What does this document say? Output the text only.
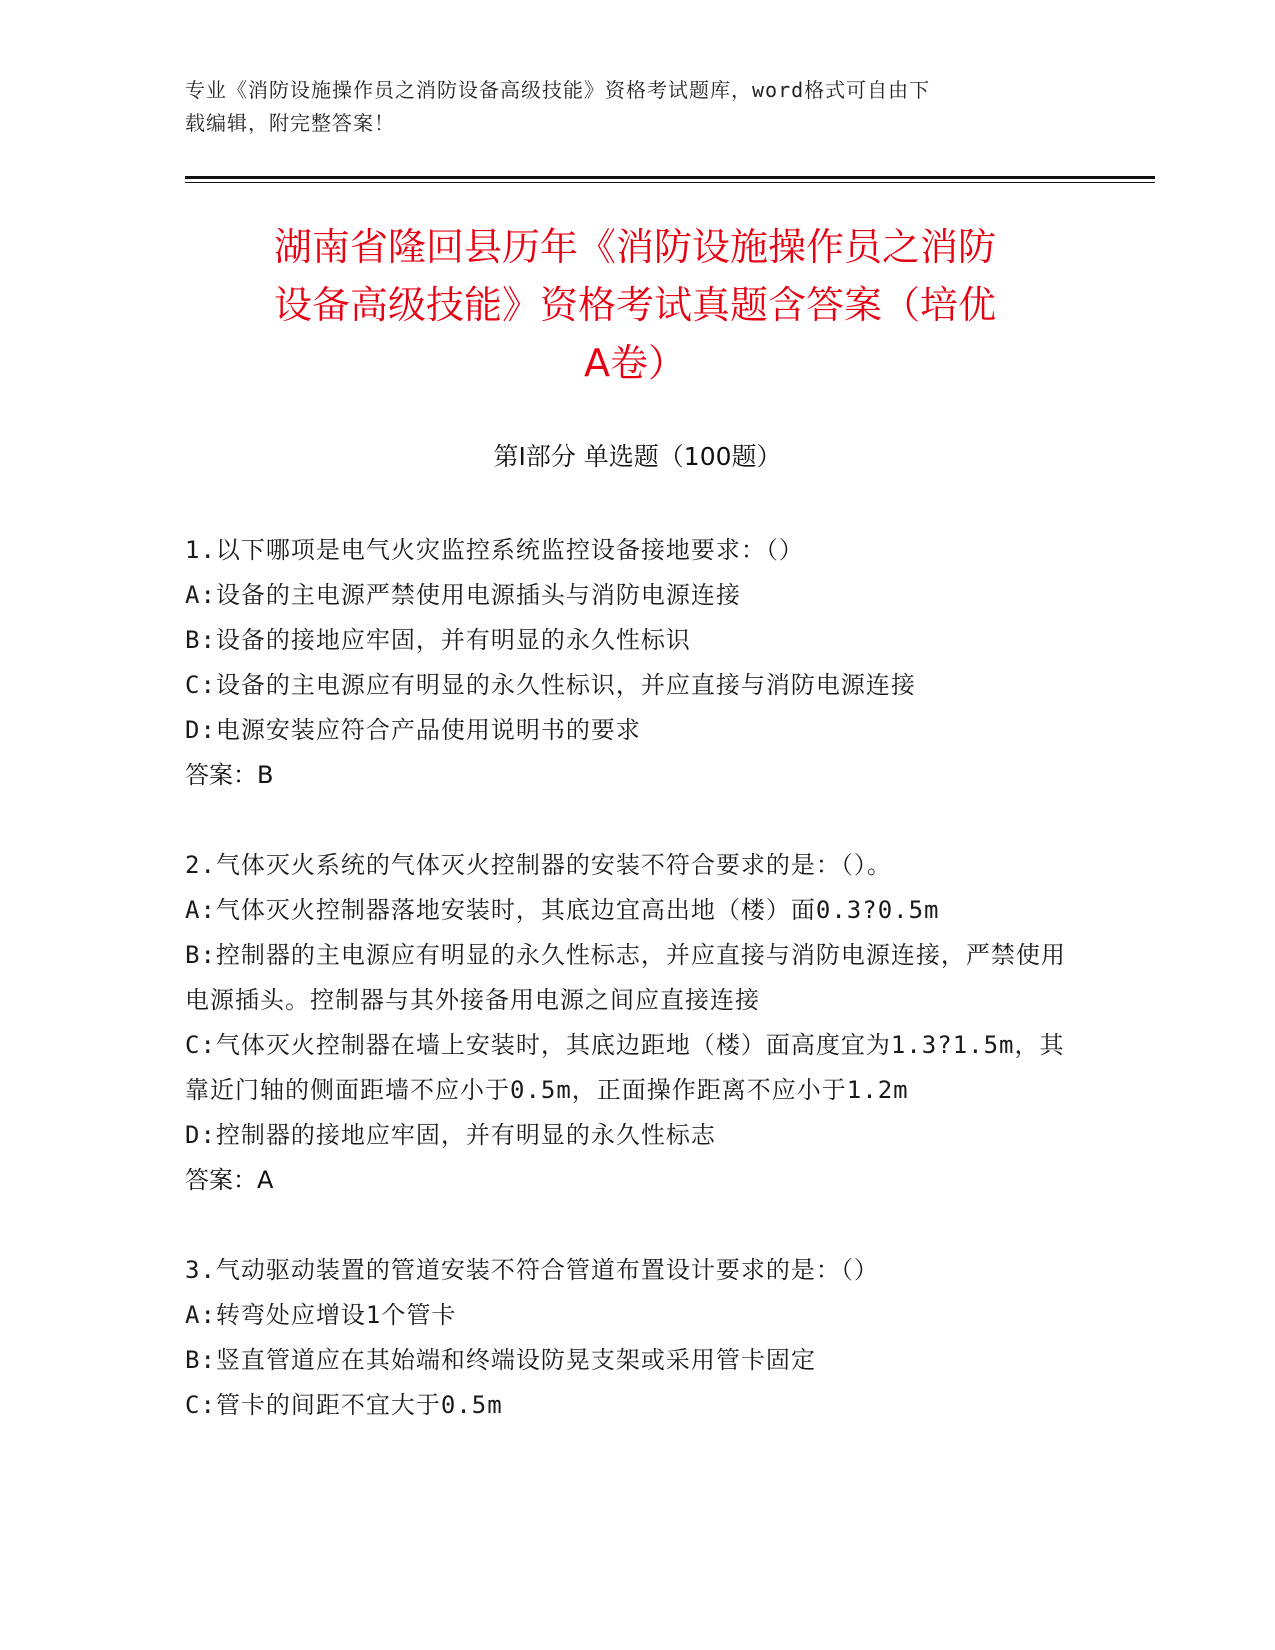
专业《消防设施操作员之消防设备高级技能》资格考试题库，word格式可自由下
载编辑，附完整答案！
湖南省隆回县历年《消防设施操作员之消防
设备高级技能》资格考试真题含答案（培优
A卷）
第Ⅰ部分 单选题（100题）
1.以下哪项是电气火灾监控系统监控设备接地要求：（）
A:设备的主电源严禁使用电源插头与消防电源连接
B:设备的接地应牢固，并有明显的永久性标识
C:设备的主电源应有明显的永久性标识，并应直接与消防电源连接
D:电源安装应符合产品使用说明书的要求
答案：B
2.气体灭火系统的气体灭火控制器的安装不符合要求的是：（）。
A:气体灭火控制器落地安装时，其底边宜高出地（楼）面0.3?0.5m
B:控制器的主电源应有明显的永久性标志，并应直接与消防电源连接，严禁使用电源插头。控制器与其外接备用电源之间应直接连接
C:气体灭火控制器在墙上安装时，其底边距地（楼）面高度宜为1.3?1.5m，其靠近门轴的侧面距墙不应小于0.5m，正面操作距离不应小于1.2m
D:控制器的接地应牢固，并有明显的永久性标志
答案：A
3.气动驱动装置的管道安装不符合管道布置设计要求的是：（）
A:转弯处应增设1个管卡
B:竖直管道应在其始端和终端设防晃支架或采用管卡固定
C:管卡的间距不宜大于0.5m
